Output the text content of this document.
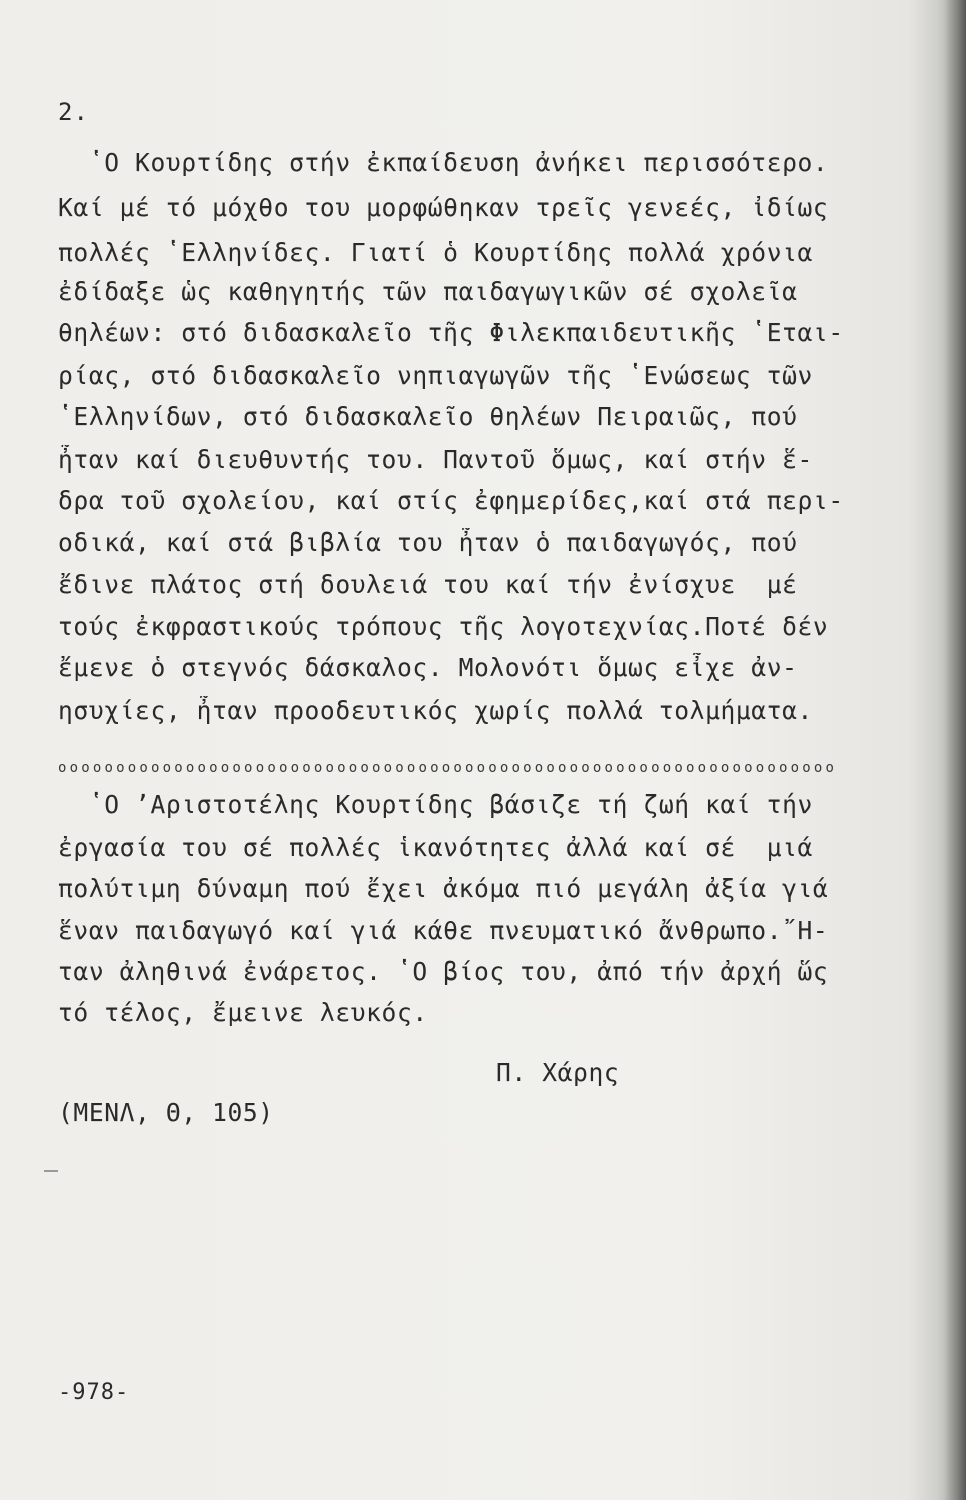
2.
ʽΟ Κουρτίδης στήν ἐκπαίδευση ἀνήκει περισσότερο.
Καί μέ τό μόχθο του μορφώθηκαν τρεῖς γενεές, ἰδίως
πολλές ʽΕλληνίδες. Γιατί ὁ Κουρτίδης πολλά χρόνια
ἐδίδαξε ὡς καθηγητής τῶν παιδαγωγικῶν σέ σχολεῖα
θηλέων: στό διδασκαλεῖο τῆς Φιλεκπαιδευτικῆς ʽΕται-
ρίας, στό διδασκαλεῖο νηπιαγωγῶν τῆς ʽΕνώσεως τῶν
ʽΕλληνίδων, στό διδασκαλεῖο θηλέων Πειραιῶς, πού
ἦταν καί διευθυντής του. Παντοῦ ὅμως, καί στήν ἕ-
δρα τοῦ σχολείου, καί στίς ἐφημερίδες,καί στά περι-
οδικά, καί στά βιβλία του ἦταν ὁ παιδαγωγός, πού
ἔδινε πλάτος στή δουλειά του καί τήν ἐνίσχυε  μέ
τούς ἐκφραστικούς τρόπους τῆς λογοτεχνίας.Ποτέ δέν
ἔμενε ὁ στεγνός δάσκαλος. Μολονότι ὅμως εἶχε ἀν-
ησυχίες, ἦταν προοδευτικός χωρίς πολλά τολμήματα.
ooooooooooooooooooooooooooooooooooooooooooooooooooooooooooooooooooo
ʽΟ ʼΑριστοτέλης Κουρτίδης βάσιζε τή ζωή καί τήν
ἐργασία του σέ πολλές ἱκανότητες ἀλλά καί σέ  μιά
πολύτιμη δύναμη πού ἔχει ἀκόμα πιό μεγάλη ἀξία γιά
ἕναν παιδαγωγό καί γιά κάθε πνευματικό ἄνθρωπο.῎Η-
ταν ἀληθινά ἐνάρετος. ʽΟ βίος του, ἀπό τήν ἀρχή ὥς
τό τέλος, ἔμεινε λευκός.
Π. Χάρης
(ΜΕΝΛ, Θ, 105)
-978-
